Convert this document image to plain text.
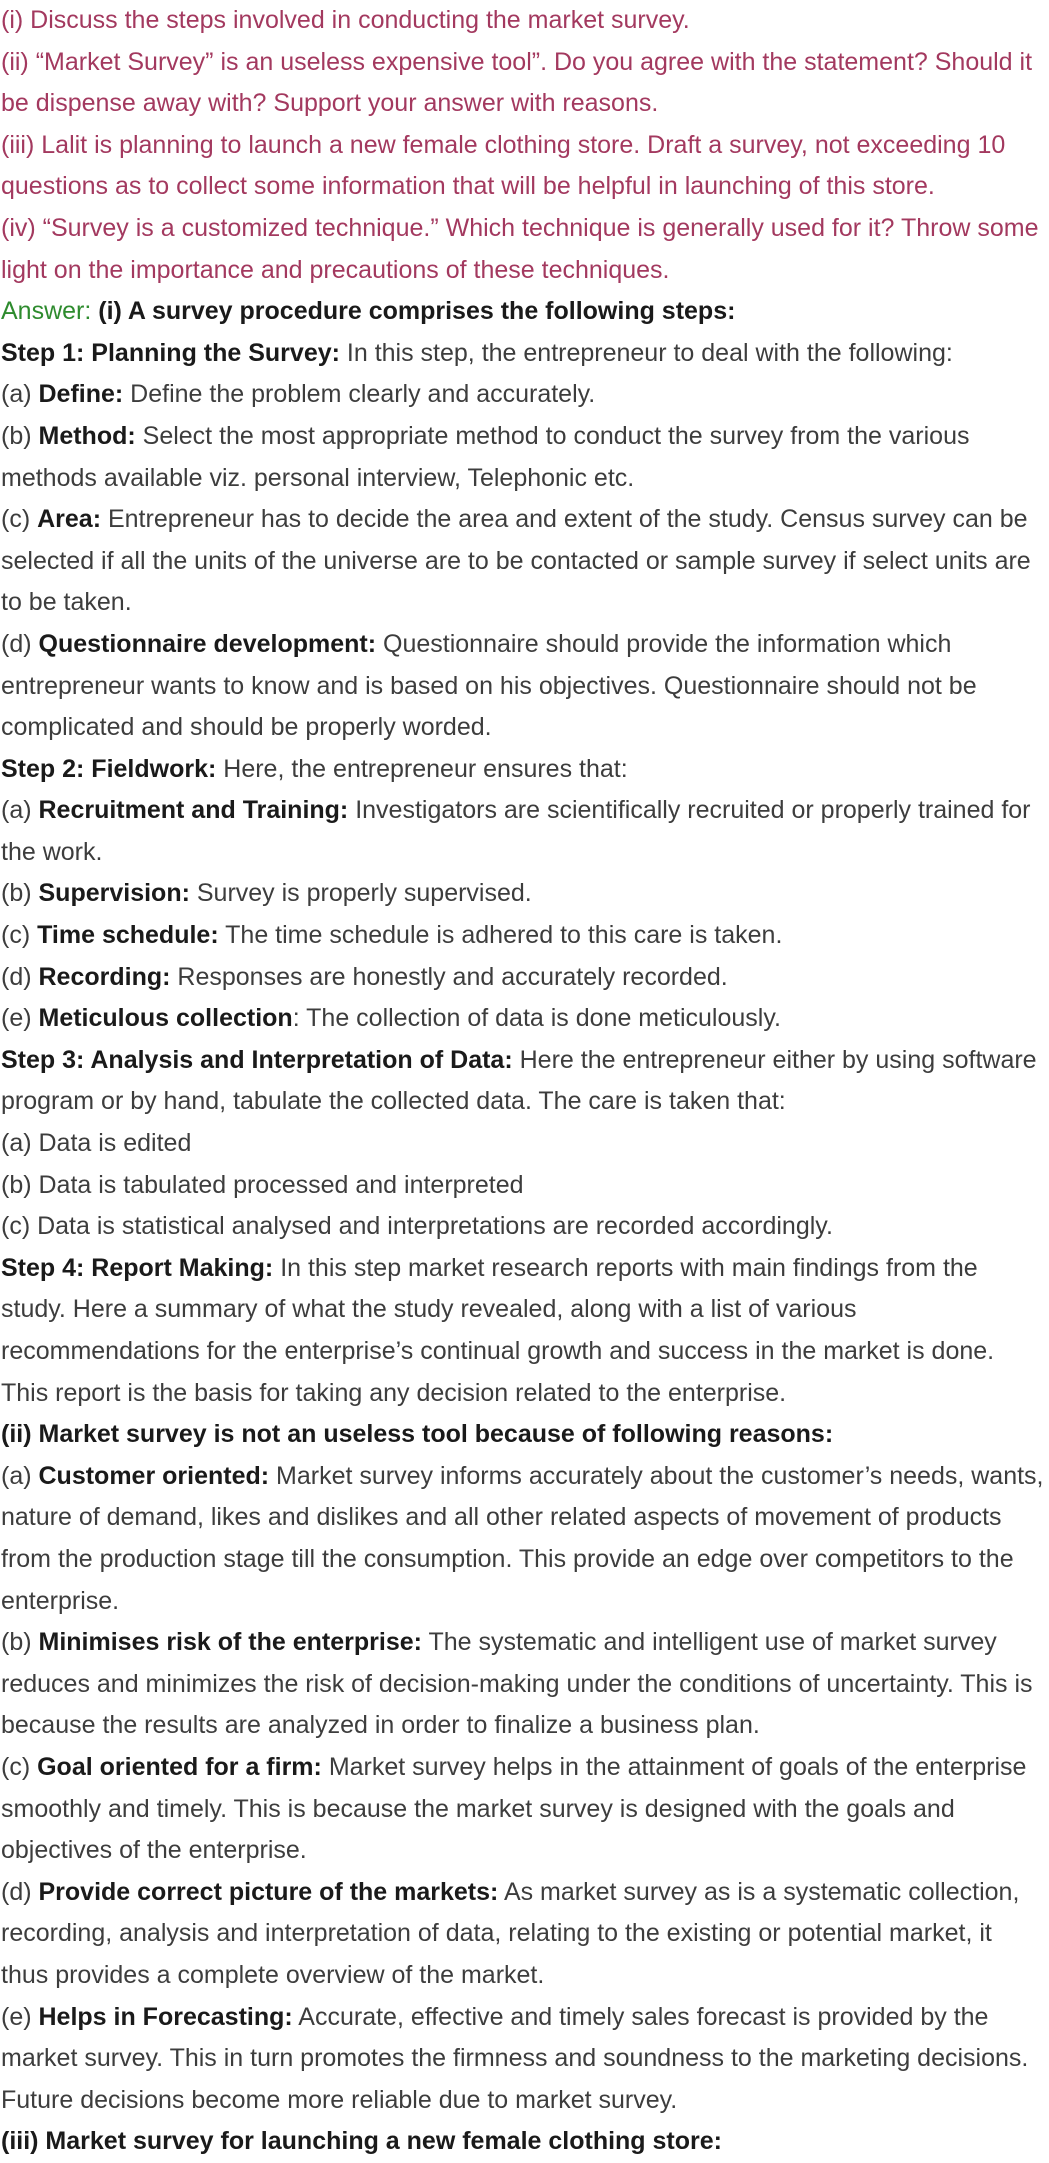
(i) Discuss the steps involved in conducting the market survey.

(ii) “Market Survey” is an useless expensive tool”. Do you agree with the statement? Should it be dispense away with? Support your answer with reasons.

(iii) Lalit is planning to launch a new female clothing store. Draft a survey, not exceeding 10 questions as to collect some information that will be helpful in launching of this store.

(iv) “Survey is a customized technique.” Which technique is generally used for it? Throw some light on the importance and precautions of these techniques.

Answer: (i) A survey procedure comprises the following steps:

Step 1: Planning the Survey: In this step, the entrepreneur to deal with the following:

(a) Define: Define the problem clearly and accurately.

(b) Method: Select the most appropriate method to conduct the survey from the various methods available viz. personal interview, Telephonic etc.

(c) Area: Entrepreneur has to decide the area and extent of the study. Census survey can be selected if all the units of the universe are to be contacted or sample survey if select units are to be taken.

(d) Questionnaire development: Questionnaire should provide the information which entrepreneur wants to know and is based on his objectives. Questionnaire should not be complicated and should be properly worded.

Step 2: Fieldwork: Here, the entrepreneur ensures that:

(a) Recruitment and Training: Investigators are scientifically recruited or properly trained for the work.

(b) Supervision: Survey is properly supervised.

(c) Time schedule: The time schedule is adhered to this care is taken.

(d) Recording: Responses are honestly and accurately recorded.

(e) Meticulous collection: The collection of data is done meticulously.

Step 3: Analysis and Interpretation of Data: Here the entrepreneur either by using software program or by hand, tabulate the collected data. The care is taken that:

(a) Data is edited

(b) Data is tabulated processed and interpreted

(c) Data is statistical analysed and interpretations are recorded accordingly.

Step 4: Report Making: In this step market research reports with main findings from the study. Here a summary of what the study revealed, along with a list of various recommendations for the enterprise’s continual growth and success in the market is done. This report is the basis for taking any decision related to the enterprise.

(ii) Market survey is not an useless tool because of following reasons:

(a) Customer oriented: Market survey informs accurately about the customer’s needs, wants, nature of demand, likes and dislikes and all other related aspects of movement of products from the production stage till the consumption. This provide an edge over competitors to the enterprise.

(b) Minimises risk of the enterprise: The systematic and intelligent use of market survey reduces and minimizes the risk of decision-making under the conditions of uncertainty. This is because the results are analyzed in order to finalize a business plan.

(c) Goal oriented for a firm: Market survey helps in the attainment of goals of the enterprise smoothly and timely. This is because the market survey is designed with the goals and objectives of the enterprise.

(d) Provide correct picture of the markets: As market survey as is a systematic collection, recording, analysis and interpretation of data, relating to the existing or potential market, it thus provides a complete overview of the market.

(e) Helps in Forecasting: Accurate, effective and timely sales forecast is provided by the market survey. This in turn promotes the firmness and soundness to the marketing decisions. Future decisions become more reliable due to market survey.

(iii) Market survey for launching a new female clothing store:
